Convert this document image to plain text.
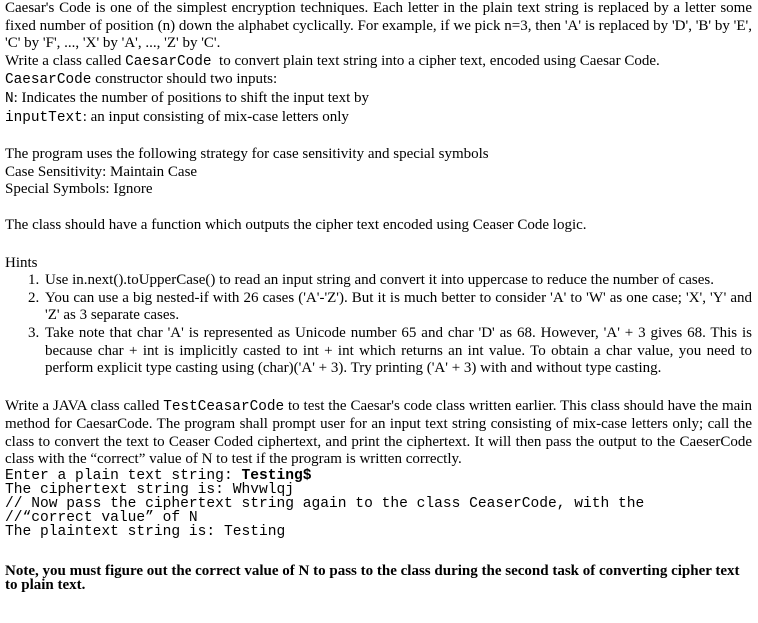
Caesar's Code is one of the simplest encryption techniques. Each letter in the plain text string is replaced by a letter some fixed number of position (n) down the alphabet cyclically. For example, if we pick n=3, then 'A' is replaced by 'D', 'B' by 'E', 'C' by 'F', ..., 'X' by 'A', ..., 'Z' by 'C'.

Write a class called CaesarCode  to convert plain text string into a cipher text, encoded using Caesar Code.

CaesarCode constructor should two inputs:

N: Indicates the number of positions to shift the input text by

inputText: an input consisting of mix-case letters only

The program uses the following strategy for case sensitivity and special symbols

Case Sensitivity: Maintain Case

Special Symbols: Ignore

The class should have a function which outputs the cipher text encoded using Ceaser Code logic.

Hints

1. Use in.next().toUpperCase() to read an input string and convert it into uppercase to reduce the number of cases.
2. You can use a big nested-if with 26 cases ('A'-'Z'). But it is much better to consider 'A' to 'W' as one case; 'X', 'Y' and 'Z' as 3 separate cases.
3. Take note that char 'A' is represented as Unicode number 65 and char 'D' as 68. However, 'A' + 3 gives 68. This is because char + int is implicitly casted to int + int which returns an int value. To obtain a char value, you need to perform explicit type casting using (char)('A' + 3). Try printing ('A' + 3) with and without type casting.

Write a JAVA class called TestCeasarCode to test the Caesar's code class written earlier. This class should have the main method for CaesarCode. The program shall prompt user for an input text string consisting of mix-case letters only; call the class to convert the text to Ceaser Coded ciphertext, and print the ciphertext. It will then pass the output to the CaeserCode class with the “correct” value of N to test if the program is written correctly.

Enter a plain text string: Testing$
The ciphertext string is: Whvwlqj
// Now pass the ciphertext string again to the class CeaserCode, with the
//“correct value” of N
The plaintext string is: Testing

Note, you must figure out the correct value of N to pass to the class during the second task of converting cipher text to plain text.
